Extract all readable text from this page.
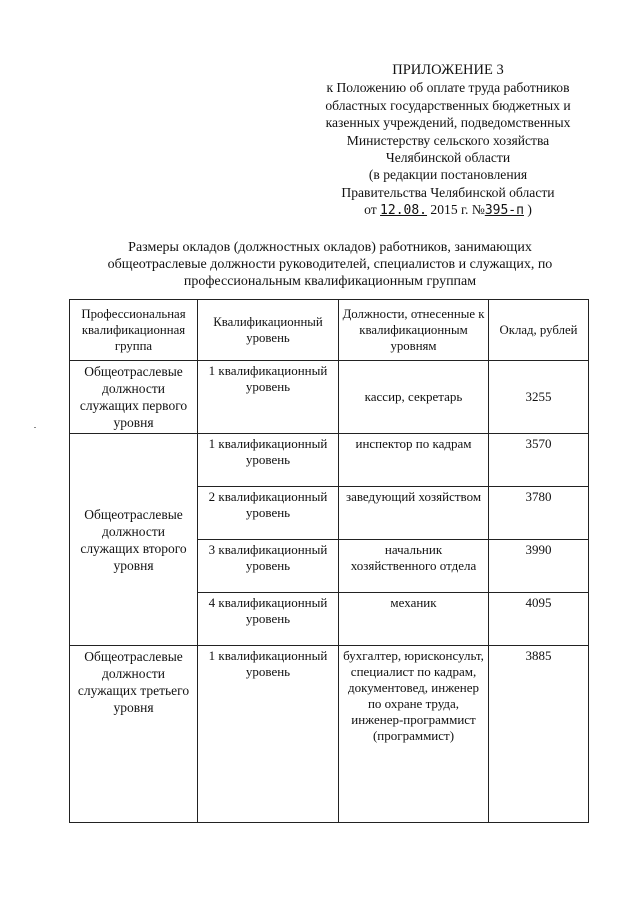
ПРИЛОЖЕНИЕ 3
к Положению об оплате труда работников
областных государственных бюджетных и
казенных учреждений, подведомственных
Министерству сельского хозяйства
Челябинской области
(в редакции постановления
Правительства Челябинской области
от 12.08. 2015 г. №395-п )
Размеры окладов (должностных окладов) работников, занимающих
общеотраслевые должности руководителей, специалистов и служащих, по
профессиональным квалификационным группам
Профессиональная квалификационная группа	Квалификационный уровень	Должности, отнесенные к квалификационным уровням	Оклад, рублей
Общеотраслевые должности служащих первого уровня	1 квалификационный уровень	кассир, секретарь	3255
Общеотраслевые должности служащих второго уровня	1 квалификационный уровень	инспектор по кадрам	3570
	2 квалификационный уровень	заведующий хозяйством	3780
	3 квалификационный уровень	начальник хозяйственного отдела	3990
	4 квалификационный уровень	механик	4095
Общеотраслевые должности служащих третьего уровня	1 квалификационный уровень	бухгалтер, юрисконсульт, специалист по кадрам, документовед, инженер по охране труда, инженер-программист (программист)	3885
